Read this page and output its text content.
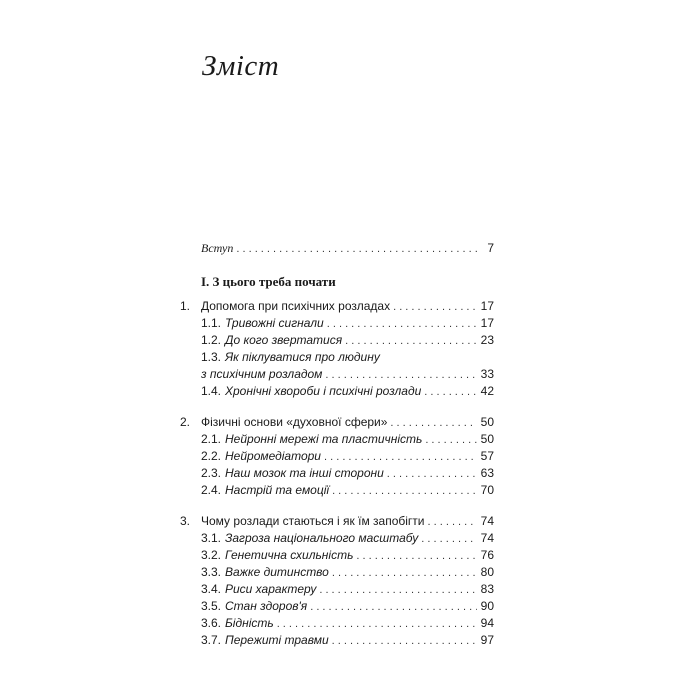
Зміст
Вступ . . .	7
I. З цього треба почати
1. Допомога при психічних розладах . . .	17
1.1. Тривожні сигнали . . .	17
1.2. До кого звертатися . . .	23
1.3. Як піклуватися про людину
з психічним розладом . . .	33
1.4. Хронічні хвороби і психічні розлади . . .	42
2. Фізичні основи «духовної сфери» . . .	50
2.1. Нейронні мережі та пластичність . . .	50
2.2. Нейромедіатори . . .	57
2.3. Наш мозок та інші сторони . . .	63
2.4. Настрій та емоції . . .	70
3. Чому розлади стаються і як їм запобігти . . .	74
3.1. Загроза національного масштабу . . .	74
3.2. Генетична схильність . . .	76
3.3. Важке дитинство . . .	80
3.4. Риси характеру . . .	83
3.5. Стан здоров'я . . .	90
3.6. Бідність . . .	94
3.7. Пережиті травми . . .	97
